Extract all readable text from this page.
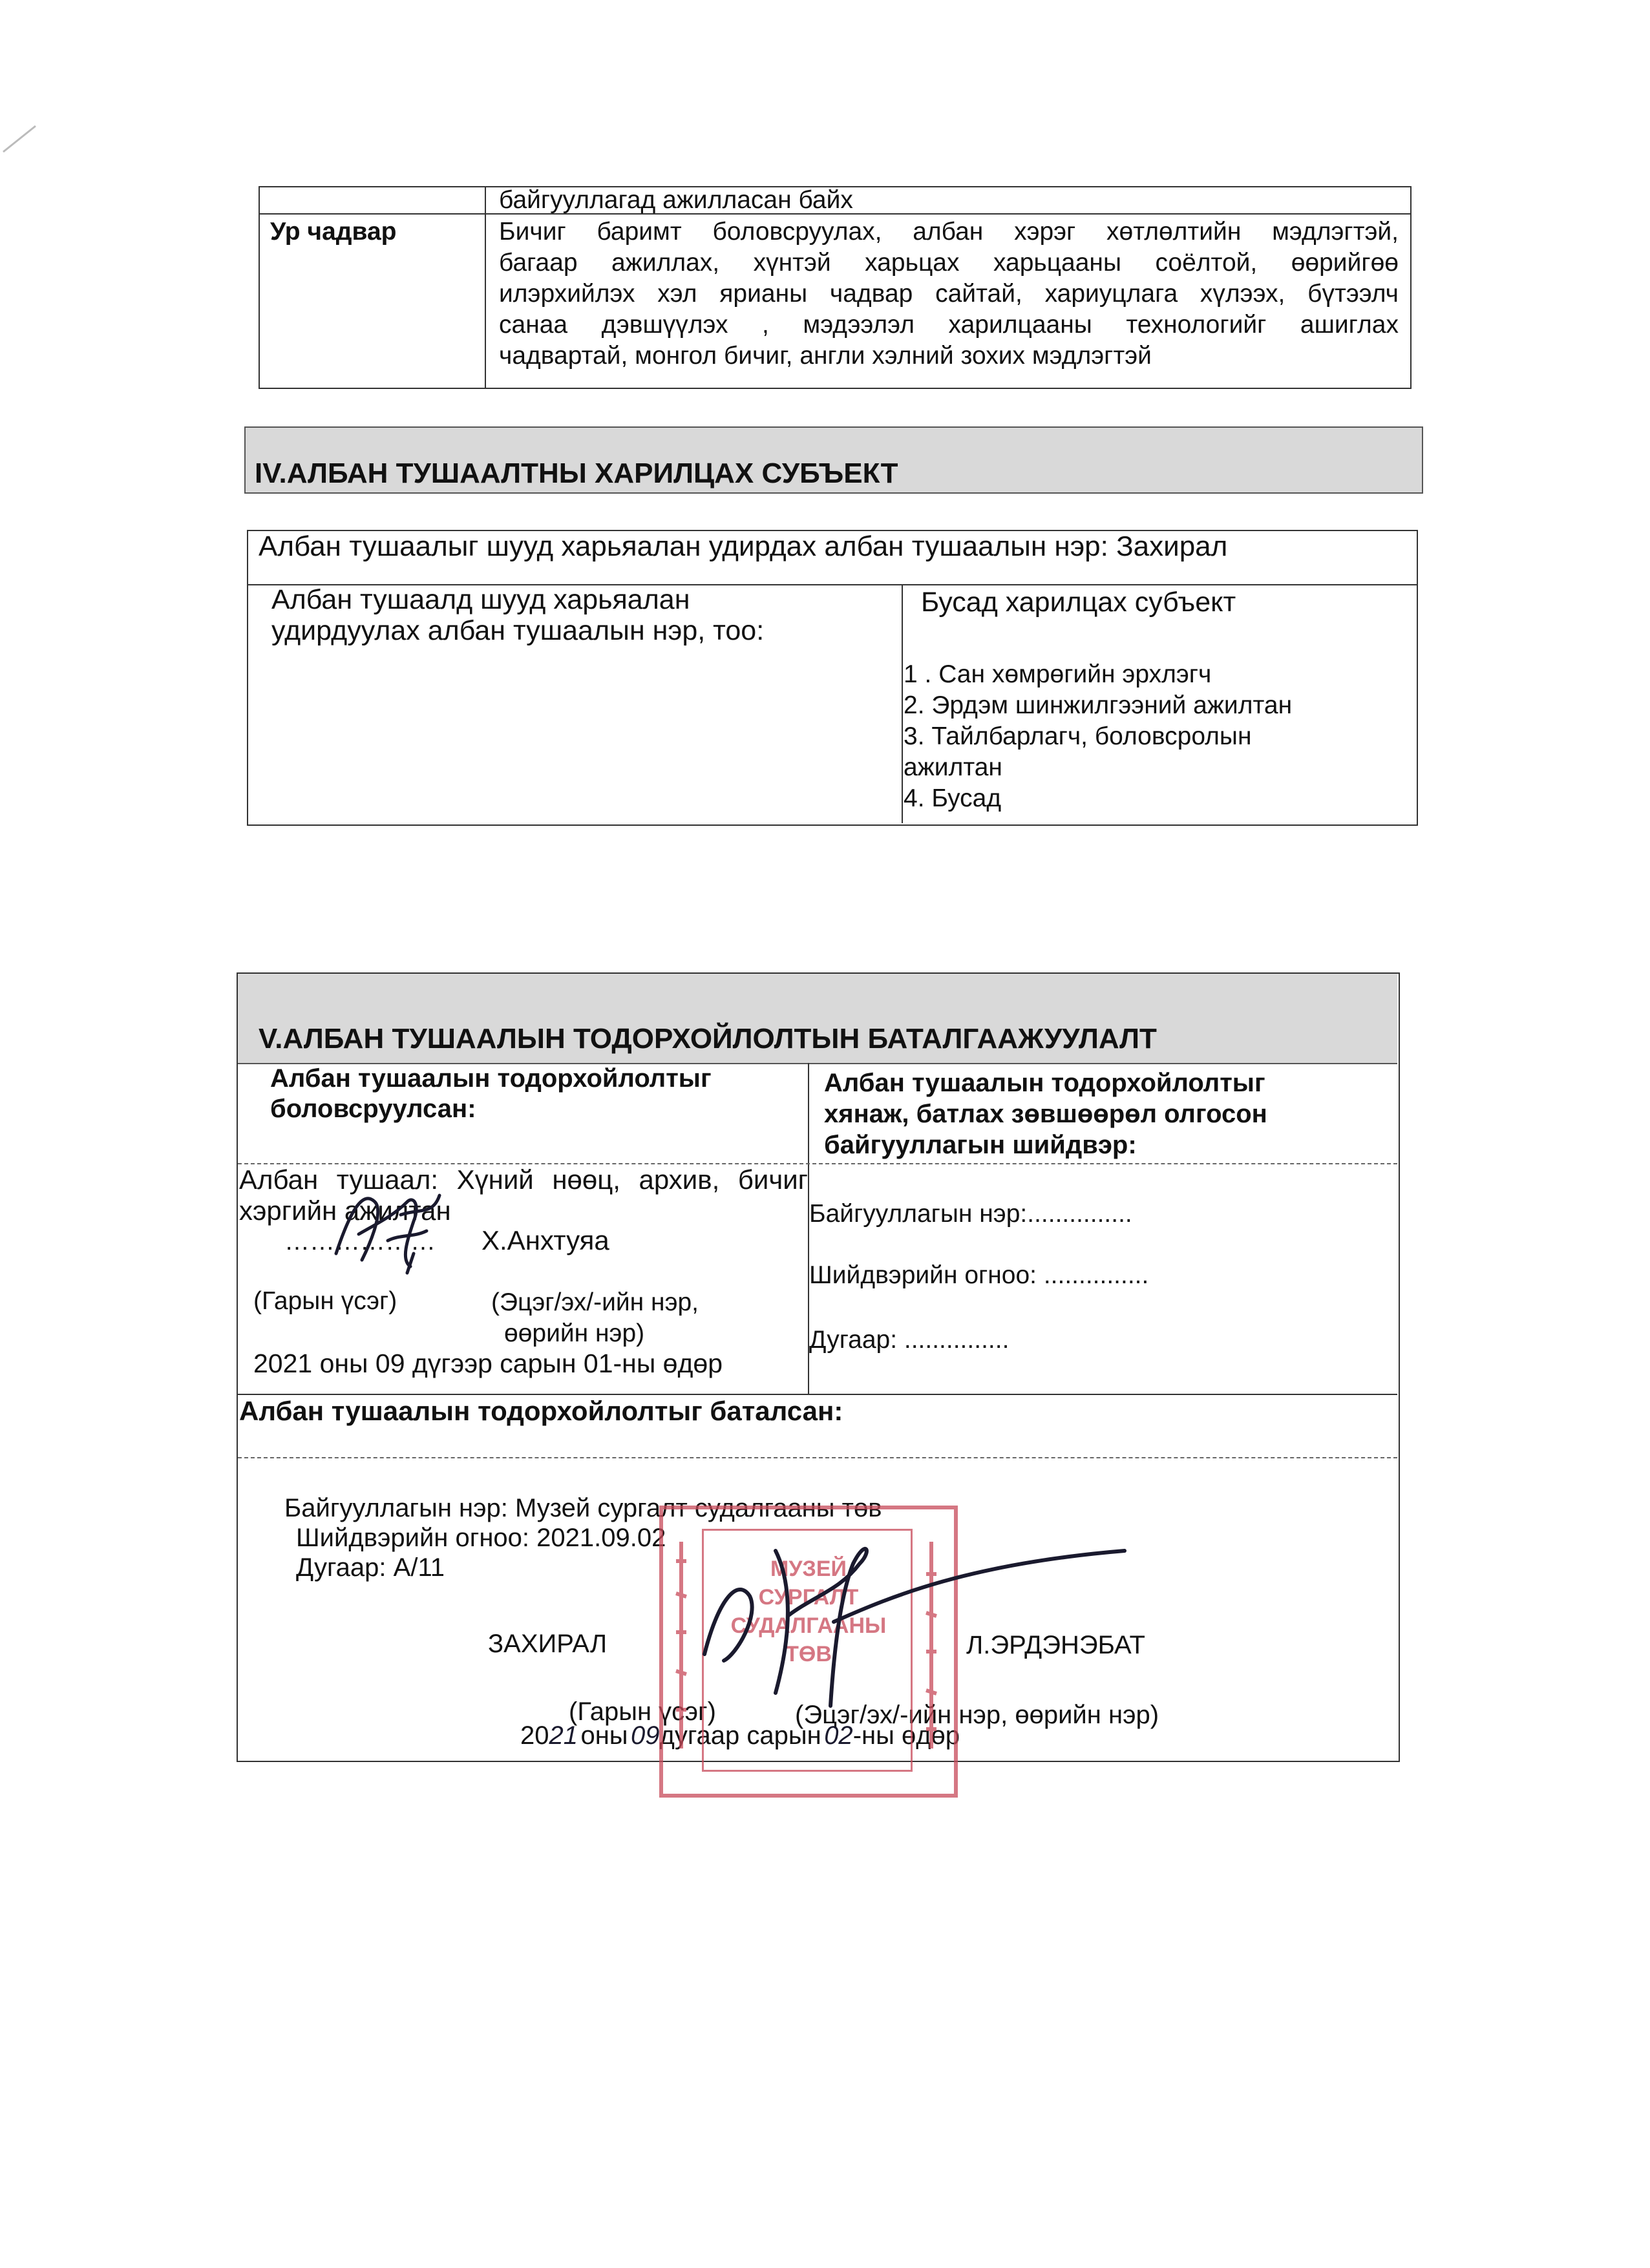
байгууллагад ажилласан байх
Ур чадвар	Бичиг баримт боловсруулах, албан хэрэг хөтлөлтийн мэдлэгтэй,
багаар ажиллах, хүнтэй харьцах харьцааны соёлтой, өөрийгөө
илэрхийлэх хэл ярианы чадвар сайтай, хариуцлага хүлээх, бүтээлч
санаа дэвшүүлэх , мэдээлэл харилцааны технологийг ашиглах
чадвартай, монгол бичиг, англи хэлний зохих мэдлэгтэй
IV.АЛБАН ТУШААЛТНЫ ХАРИЛЦАХ СУБЪЕКТ
Албан тушаалыг шууд харьяалан удирдах албан тушаалын нэр: Захирал
Албан тушаалд шууд харьяалан
удирдуулах албан тушаалын нэр, тоо:
Бусад харилцах субъект
1 . Сан хөмрөгийн эрхлэгч
2. Эрдэм шинжилгээний ажилтан
3. Тайлбарлагч, боловсролын
ажилтан
4. Бусад
V.АЛБАН ТУШААЛЫН ТОДОРХОЙЛОЛТЫН БАТАЛГААЖУУЛАЛТ
Албан тушаалын тодорхойлолтыг
боловсруулсан:
Албан тушаалын тодорхойлолтыг
хянаж, батлах зөвшөөрөл олгосон
байгууллагын шийдвэр:
Албан тушаал: Хүний нөөц, архив, бичиг
хэргийн ажилтан
……………… Х.Анхтуяа
(Гарын үсэг)	(Эцэг/эх/-ийн нэр,
өөрийн нэр)
2021 оны 09 дүгээр сарын 01-ны өдөр
Байгууллагын нэр:...............
Шийдвэрийн огноо: ...............
Дугаар: ...............
Албан тушаалын тодорхойлолтыг баталсан:
Байгууллагын нэр: Музей сургалт судалгааны төв
Шийдвэрийн огноо: 2021.09.02
Дугаар: А/11
ЗАХИРАЛ	Л.ЭРДЭНЭБАТ
(Гарын үсэг)	(Эцэг/эх/-ийн нэр, өөрийн нэр)
2021 оны 09дугаар сарын 02-ны өдөр
МУЗЕЙ
СУРГАЛТ
СУДАЛГААНЫ
ТӨВ
